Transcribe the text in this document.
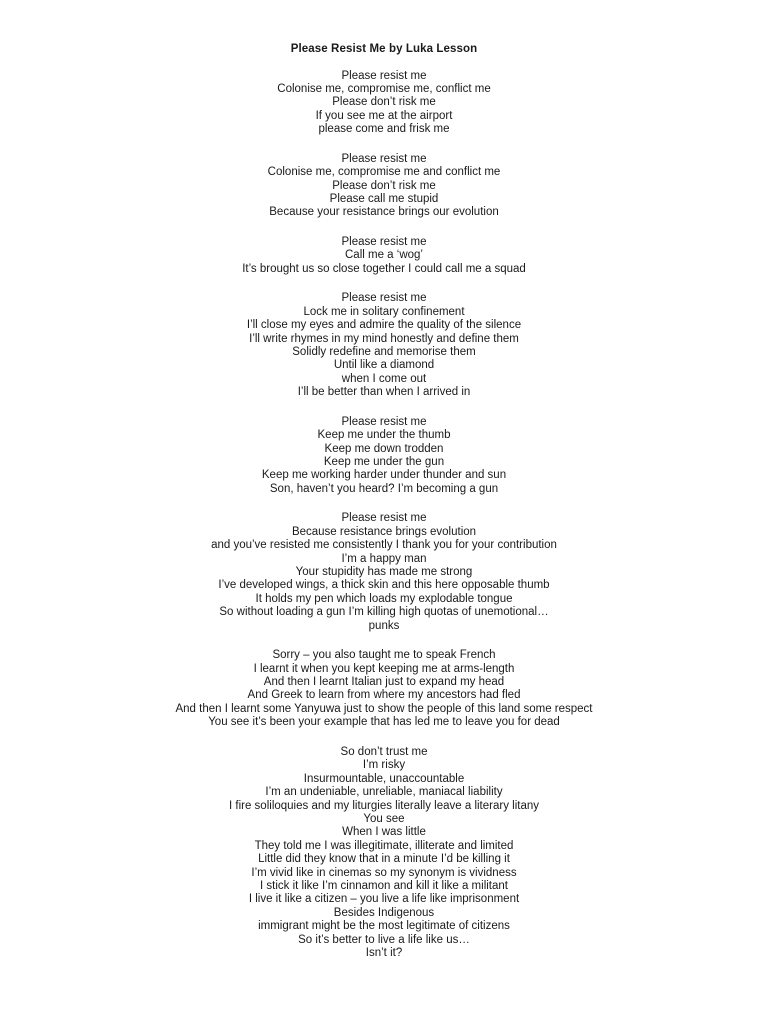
Please Resist Me by Luka Lesson
Please resist me
Colonise me, compromise me, conflict me
Please don’t risk me
If you see me at the airport
please come and frisk me
Please resist me
Colonise me, compromise me and conflict me
Please don’t risk me
Please call me stupid
Because your resistance brings our evolution
Please resist me
Call me a ‘wog’
It’s brought us so close together I could call me a squad
Please resist me
Lock me in solitary confinement
I’ll close my eyes and admire the quality of the silence
I’ll write rhymes in my mind honestly and define them
Solidly redefine and memorise them
Until like a diamond
when I come out
I’ll be better than when I arrived in
Please resist me
Keep me under the thumb
Keep me down trodden
Keep me under the gun
Keep me working harder under thunder and sun
Son, haven’t you heard? I’m becoming a gun
Please resist me
Because resistance brings evolution
and you’ve resisted me consistently I thank you for your contribution
I’m a happy man
Your stupidity has made me strong
I’ve developed wings, a thick skin and this here opposable thumb
It holds my pen which loads my explodable tongue
So without loading a gun I’m killing high quotas of unemotional…
punks
Sorry – you also taught me to speak French
I learnt it when you kept keeping me at arms-length
And then I learnt Italian just to expand my head
And Greek to learn from where my ancestors had fled
And then I learnt some Yanyuwa just to show the people of this land some respect
You see it’s been your example that has led me to leave you for dead
So don’t trust me
I’m risky
Insurmountable, unaccountable
I’m an undeniable, unreliable, maniacal liability
I fire soliloquies and my liturgies literally leave a literary litany
You see
When I was little
They told me I was illegitimate, illiterate and limited
Little did they know that in a minute I’d be killing it
I’m vivid like in cinemas so my synonym is vividness
I stick it like I’m cinnamon and kill it like a militant
I live it like a citizen – you live a life like imprisonment
Besides Indigenous
immigrant might be the most legitimate of citizens
So it’s better to live a life like us…
Isn’t it?
